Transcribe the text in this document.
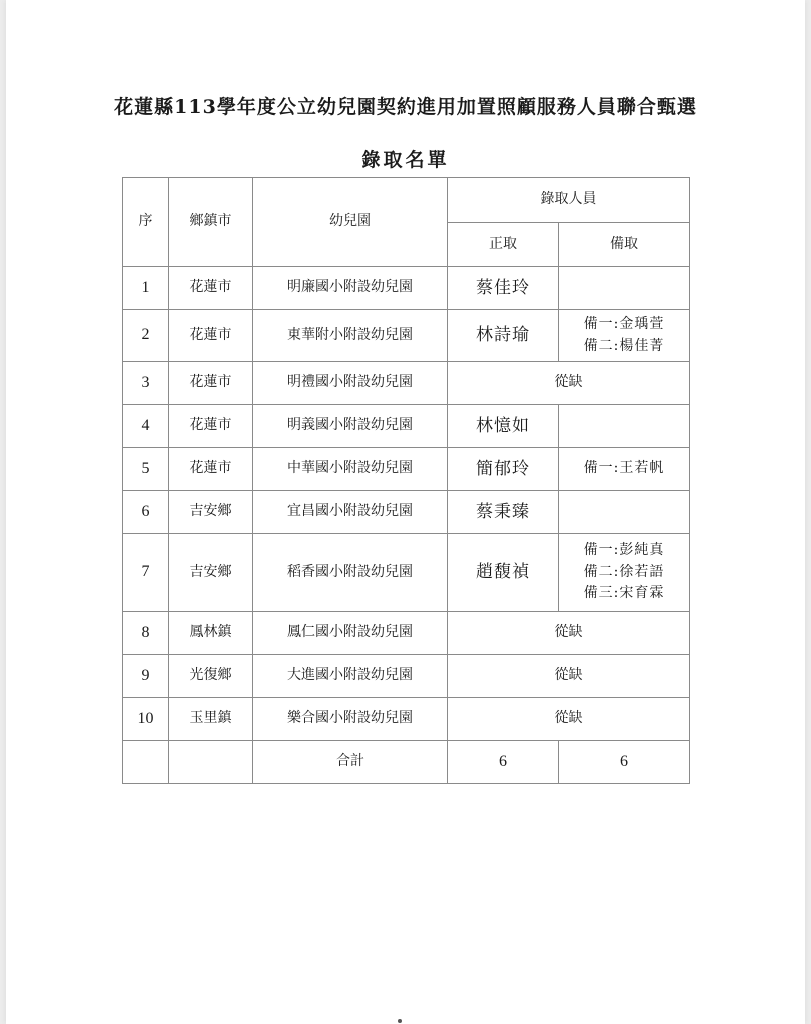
花蓮縣113學年度公立幼兒園契約進用加置照顧服務人員聯合甄選
錄取名單
序	鄉鎮市	幼兒園	錄取人員	
			正取	備取
1	花蓮市	明廉國小附設幼兒園	蔡佳玲	
2	花蓮市	東華附小附設幼兒園	林詩瑜	備一:金瑀萱
備二:楊佳菁

3	花蓮市	明禮國小附設幼兒園	從缺	
4	花蓮市	明義國小附設幼兒園	林憶如	
5	花蓮市	中華國小附設幼兒園	簡郁玲	備一:王若帆

6	吉安鄉	宜昌國小附設幼兒園	蔡秉臻	
7	吉安鄉	稻香國小附設幼兒園	趙馥禎	備一:彭純真
備二:徐若語
備三:宋育霖

8	鳳林鎮	鳳仁國小附設幼兒園	從缺	
9	光復鄉	大進國小附設幼兒園	從缺	
10	玉里鎮	樂合國小附設幼兒園	從缺	
		合計	6	6
